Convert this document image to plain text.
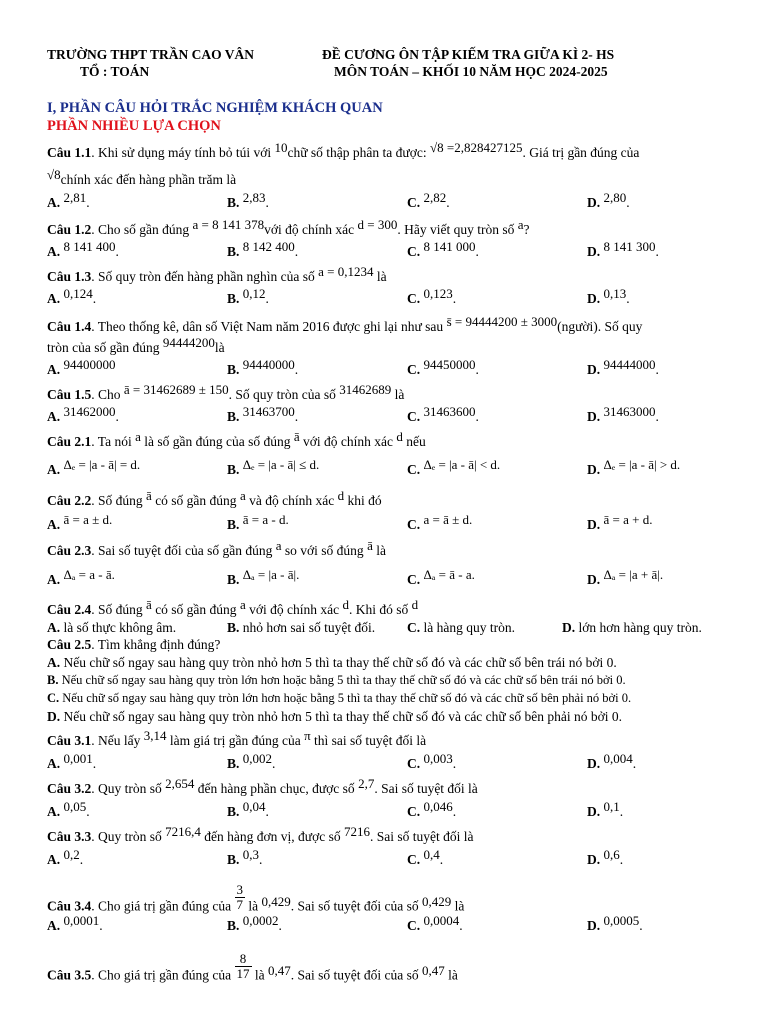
TRƯỜNG THPT TRẦN CAO VÂN
TỔ : TOÁN
ĐỀ CƯƠNG ÔN TẬP KIẾM TRA GIỮA KÌ 2- HS
MÔN TOÁN – KHỐI 10 NĂM HỌC 2024-2025
I, PHẦN CÂU HỎI TRẮC NGHIỆM KHÁCH QUAN
PHẦN NHIỀU LỰA CHỌN
Câu 1.1. Khi sử dụng máy tính bỏ túi với 10chữ số thập phân ta được: √8 =2,828427125. Giá trị gần đúng của
√8chính xác đến hàng phần trăm là
A. 2,81.	B. 2,83.	C. 2,82.	D. 2,80.
Câu 1.2. Cho số gần đúng a = 8 141 378với độ chính xác d = 300. Hãy viết quy tròn số a?
A. 8 141 400.	B. 8 142 400.	C. 8 141 000.	D. 8 141 300.
Câu 1.3. Số quy tròn đến hàng phần nghìn của số a = 0,1234 là
A. 0,124.	B. 0,12.	C. 0,123.	D. 0,13.
Câu 1.4. Theo thống kê, dân số Việt Nam năm 2016 được ghi lại như sau s̄ = 94444200 ± 3000(người). Số quy
tròn của số gần đúng 94444200là
A. 94400000	B. 94440000.	C. 94450000.	D. 94444000.
Câu 1.5. Cho ā = 31462689 ± 150. Số quy tròn của số 31462689 là
A. 31462000.	B. 31463700.	C. 31463600.	D. 31463000.
Câu 2.1. Ta nói a là số gần đúng của số đúng ā với độ chính xác d nếu
A. Δₑ = |a - ā| = d.	B. Δₑ = |a - ā| ≤ d.	C. Δₑ = |a - ā| < d.	D. Δₑ = |a - ā| > d.
Câu 2.2. Số đúng ā có số gần đúng a và độ chính xác d khi đó
A. ā = a ± d.	B. ā = a - d.	C. a = ā ± d.	D. ā = a + d.
Câu 2.3. Sai số tuyệt đối của số gần đúng a so với số đúng ā là
A. Δₐ = a - ā.	B. Δₐ = |a - ā|.	C. Δₐ = ā - a.	D. Δₐ = |a + ā|.
Câu 2.4. Số đúng ā có số gần đúng a với độ chính xác d. Khi đó số d
A. là số thực không âm.	B. nhỏ hơn sai số tuyệt đối. C. là hàng quy tròn.	D. lớn hơn hàng quy tròn.
Câu 2.5. Tìm khẳng định đúng?
A. Nếu chữ số ngay sau hàng quy tròn nhỏ hơn 5 thì ta thay thế chữ số đó và các chữ số bên trái nó bởi 0.
B. Nếu chữ số ngay sau hàng quy tròn lớn hơn hoặc bằng 5 thì ta thay thế chữ số đó và các chữ số bên trái nó bởi 0.
C. Nếu chữ số ngay sau hàng quy tròn lớn hơn hoặc bằng 5 thì ta thay thế chữ số đó và các chữ số bên phải nó bởi 0.
D. Nếu chữ số ngay sau hàng quy tròn nhỏ hơn 5 thì ta thay thế chữ số đó và các chữ số bên phải nó bởi 0.
Câu 3.1. Nếu lấy 3,14 làm giá trị gần đúng của π thì sai số tuyệt đối là
A. 0,001.	B. 0,002.	C. 0,003.	D. 0,004.
Câu 3.2. Quy tròn số 2,654 đến hàng phần chục, được số 2,7. Sai số tuyệt đối là
A. 0,05.	B. 0,04.	C. 0,046.	D. 0,1.
Câu 3.3. Quy tròn số 7216,4 đến hàng đơn vị, được số 7216. Sai số tuyệt đối là
A. 0,2.	B. 0,3.	C. 0,4.	D. 0,6.
Câu 3.4. Cho giá trị gần đúng của $\frac{3}{7}$ là 0,429. Sai số tuyệt đối của số 0,429 là
A. 0,0001.	B. 0,0002.	C. 0,0004.	D. 0,0005.
Câu 3.5. Cho giá trị gần đúng của $\frac{8}{17}$ là 0,47. Sai số tuyệt đối của số 0,47 là
